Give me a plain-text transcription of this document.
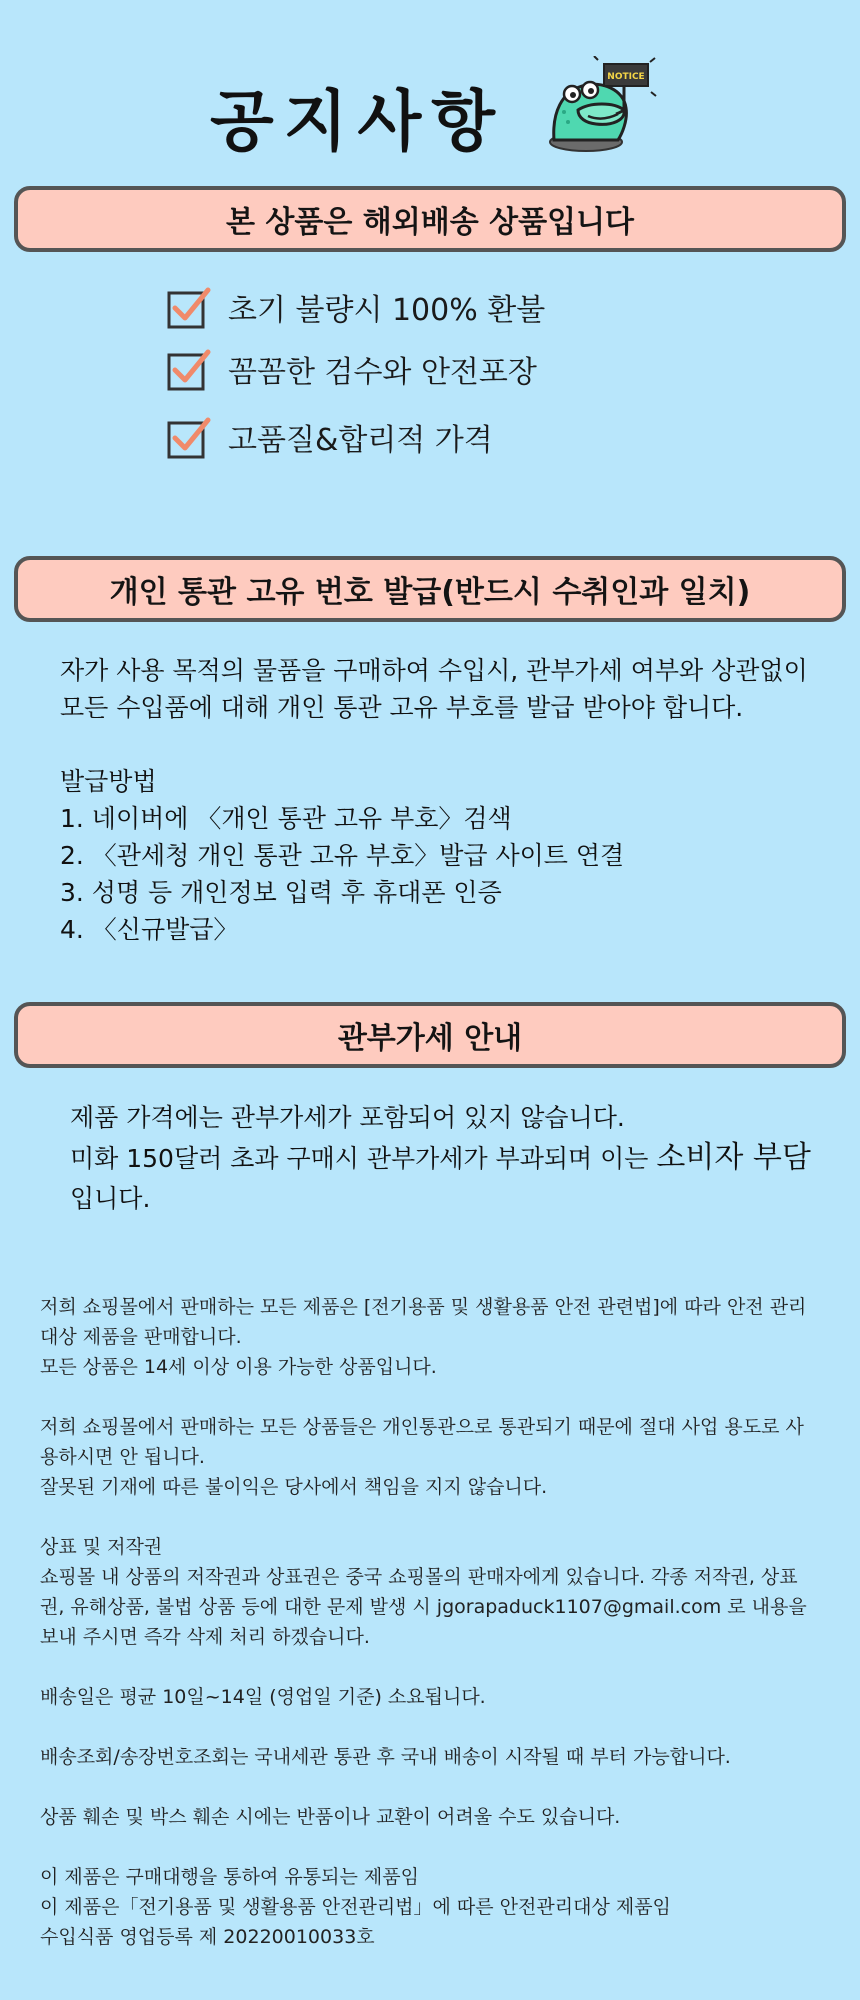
공지사항
NOTICE
본 상품은 해외배송 상품입니다
초기 불량시 100% 환불
꼼꼼한 검수와 안전포장
고품질&합리적 가격
개인 통관 고유 번호 발급(반드시 수취인과 일치)
자가 사용 목적의 물품을 구매하여 수입시, 관부가세 여부와 상관없이
모든 수입품에 대해 개인 통관 고유 부호를 발급 받아야 합니다.
발급방법
1. 네이버에 〈개인 통관 고유 부호〉검색
2. 〈관세청 개인 통관 고유 부호〉발급 사이트 연결
3. 성명 등 개인정보 입력 후 휴대폰 인증
4. 〈신규발급〉
관부가세 안내
제품 가격에는 관부가세가 포함되어 있지 않습니다.
미화 150달러 초과 구매시 관부가세가 부과되며 이는 소비자 부담
입니다.
저희 쇼핑몰에서 판매하는 모든 제품은 [전기용품 및 생활용품 안전 관련법]에 따라 안전 관리
대상 제품을 판매합니다.
모든 상품은 14세 이상 이용 가능한 상품입니다.
저희 쇼핑몰에서 판매하는 모든 상품들은 개인통관으로 통관되기 때문에 절대 사업 용도로 사
용하시면 안 됩니다.
잘못된 기재에 따른 불이익은 당사에서 책임을 지지 않습니다.
상표 및 저작권
쇼핑몰 내 상품의 저작권과 상표권은 중국 쇼핑몰의 판매자에게 있습니다. 각종 저작권, 상표
권, 유해상품, 불법 상품 등에 대한 문제 발생 시 jgorapaduck1107@gmail.com 로 내용을
보내 주시면 즉각 삭제 처리 하겠습니다.
배송일은 평균 10일~14일 (영업일 기준) 소요됩니다.
배송조회/송장번호조회는 국내세관 통관 후 국내 배송이 시작될 때 부터 가능합니다.
상품 훼손 및 박스 훼손 시에는 반품이나 교환이 어려울 수도 있습니다.
이 제품은 구매대행을 통하여 유통되는 제품임
이 제품은「전기용품 및 생활용품 안전관리법」에 따른 안전관리대상 제품임
수입식품 영업등록 제 20220010033호
